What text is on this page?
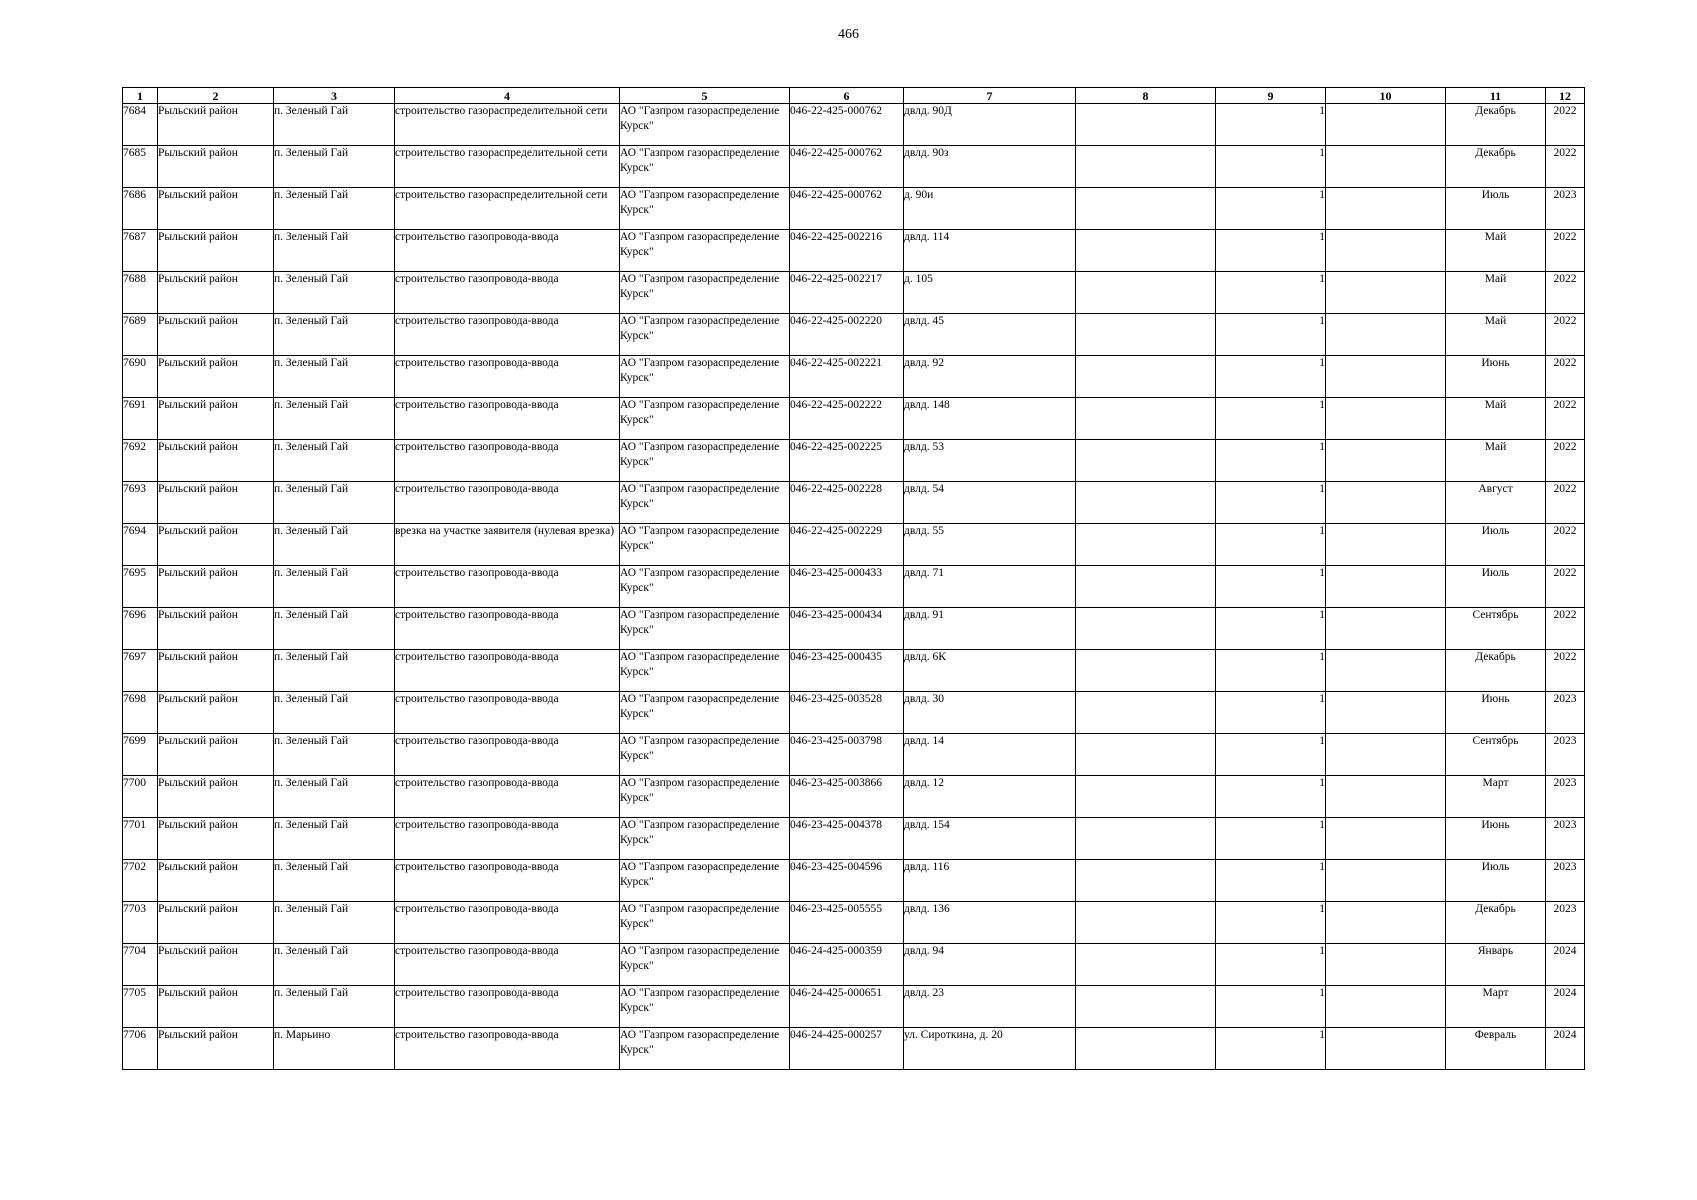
466
1	2	3	4	5	6	7	8	9	10	11	12
7684	Рыльский район	п. Зеленый Гай	строительство газораспределительной сети	АО "Газпром газораспределение Курск"	046-22-425-000762	двлд. 90Д		1		Декабрь	2022
7685	Рыльский район	п. Зеленый Гай	строительство газораспределительной сети	АО "Газпром газораспределение Курск"	046-22-425-000762	двлд. 90з		1		Декабрь	2022
7686	Рыльский район	п. Зеленый Гай	строительство газораспределительной сети	АО "Газпром газораспределение Курск"	046-22-425-000762	д. 90и		1		Июль	2023
7687	Рыльский район	п. Зеленый Гай	строительство газопровода-ввода	АО "Газпром газораспределение Курск"	046-22-425-002216	двлд. 114		1		Май	2022
7688	Рыльский район	п. Зеленый Гай	строительство газопровода-ввода	АО "Газпром газораспределение Курск"	046-22-425-002217	д. 105		1		Май	2022
7689	Рыльский район	п. Зеленый Гай	строительство газопровода-ввода	АО "Газпром газораспределение Курск"	046-22-425-002220	двлд. 45		1		Май	2022
7690	Рыльский район	п. Зеленый Гай	строительство газопровода-ввода	АО "Газпром газораспределение Курск"	046-22-425-002221	двлд. 92		1		Июнь	2022
7691	Рыльский район	п. Зеленый Гай	строительство газопровода-ввода	АО "Газпром газораспределение Курск"	046-22-425-002222	двлд. 148		1		Май	2022
7692	Рыльский район	п. Зеленый Гай	строительство газопровода-ввода	АО "Газпром газораспределение Курск"	046-22-425-002225	двлд. 53		1		Май	2022
7693	Рыльский район	п. Зеленый Гай	строительство газопровода-ввода	АО "Газпром газораспределение Курск"	046-22-425-002228	двлд. 54		1		Август	2022
7694	Рыльский район	п. Зеленый Гай	врезка на участке заявителя (нулевая врезка)	АО "Газпром газораспределение Курск"	046-22-425-002229	двлд. 55		1		Июль	2022
7695	Рыльский район	п. Зеленый Гай	строительство газопровода-ввода	АО "Газпром газораспределение Курск"	046-23-425-000433	двлд. 71		1		Июль	2022
7696	Рыльский район	п. Зеленый Гай	строительство газопровода-ввода	АО "Газпром газораспределение Курск"	046-23-425-000434	двлд. 91		1		Сентябрь	2022
7697	Рыльский район	п. Зеленый Гай	строительство газопровода-ввода	АО "Газпром газораспределение Курск"	046-23-425-000435	двлд. 6К		1		Декабрь	2022
7698	Рыльский район	п. Зеленый Гай	строительство газопровода-ввода	АО "Газпром газораспределение Курск"	046-23-425-003528	двлд. 30		1		Июнь	2023
7699	Рыльский район	п. Зеленый Гай	строительство газопровода-ввода	АО "Газпром газораспределение Курск"	046-23-425-003798	двлд. 14		1		Сентябрь	2023
7700	Рыльский район	п. Зеленый Гай	строительство газопровода-ввода	АО "Газпром газораспределение Курск"	046-23-425-003866	двлд. 12		1		Март	2023
7701	Рыльский район	п. Зеленый Гай	строительство газопровода-ввода	АО "Газпром газораспределение Курск"	046-23-425-004378	двлд. 154		1		Июнь	2023
7702	Рыльский район	п. Зеленый Гай	строительство газопровода-ввода	АО "Газпром газораспределение Курск"	046-23-425-004596	двлд. 116		1		Июль	2023
7703	Рыльский район	п. Зеленый Гай	строительство газопровода-ввода	АО "Газпром газораспределение Курск"	046-23-425-005555	двлд. 136		1		Декабрь	2023
7704	Рыльский район	п. Зеленый Гай	строительство газопровода-ввода	АО "Газпром газораспределение Курск"	046-24-425-000359	двлд. 94		1		Январь	2024
7705	Рыльский район	п. Зеленый Гай	строительство газопровода-ввода	АО "Газпром газораспределение Курск"	046-24-425-000651	двлд. 23		1		Март	2024
7706	Рыльский район	п. Марьино	строительство газопровода-ввода	АО "Газпром газораспределение Курск"	046-24-425-000257	ул. Сироткина, д. 20		1		Февраль	2024
